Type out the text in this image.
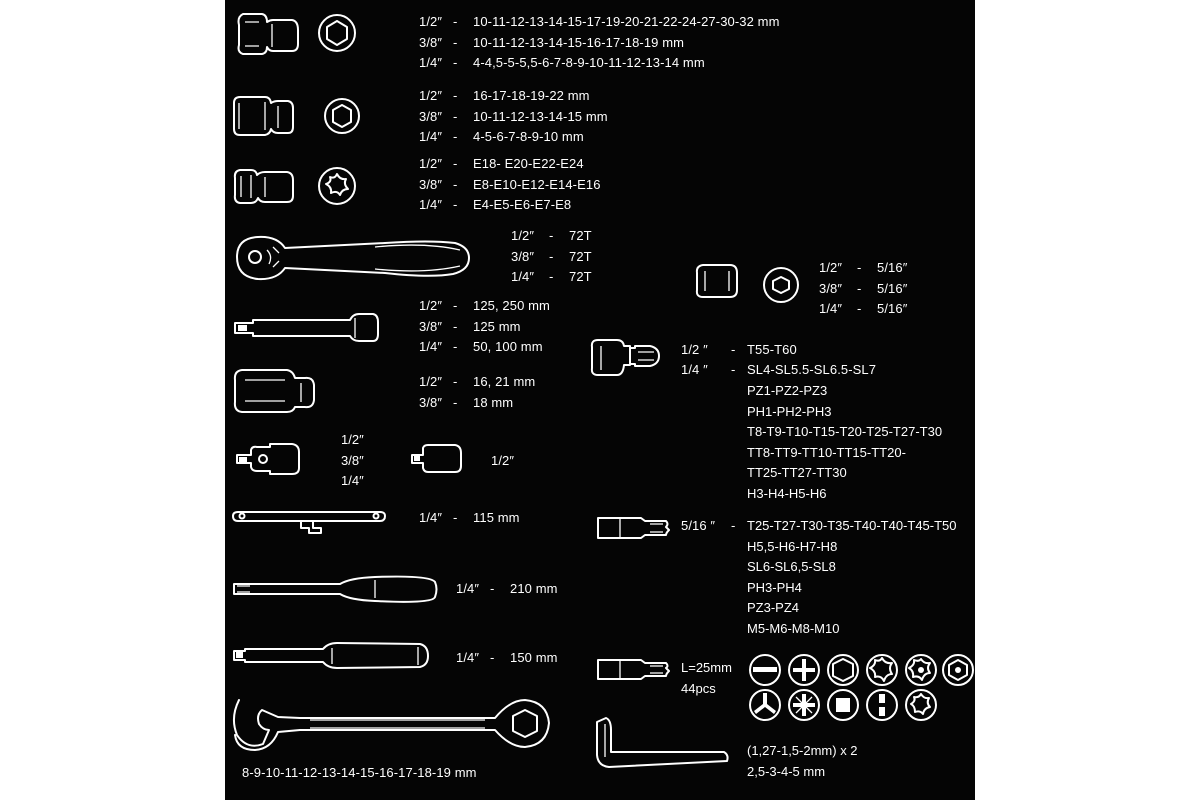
1/2″ - 10-11-12-13-14-15-17-19-20-21-22-24-27-30-32 mm
3/8″ - 10-11-12-13-14-15-16-17-18-19 mm
1/4″ - 4-4,5-5-5,5-6-7-8-9-10-11-12-13-14 mm
1/2″ - 16-17-18-19-22 mm
3/8″ - 10-11-12-13-14-15 mm
1/4″ - 4-5-6-7-8-9-10 mm
1/2″ - E18- E20-E22-E24
3/8″ - E8-E10-E12-E14-E16
1/4″ - E4-E5-E6-E7-E8
1/2″ - 72T
3/8″ - 72T
1/4″ - 72T
1/2″ - 125, 250 mm
3/8″ - 125 mm
1/4″ - 50, 100 mm
1/2″ - 16, 21 mm
3/8″ - 18 mm
1/2″
3/8″
1/4″
1/2″
1/4″ - 115 mm
1/4″ - 210 mm
1/4″ - 150 mm
8-9-10-11-12-13-14-15-16-17-18-19 mm
1/2″ - 5/16″
3/8″ - 5/16″
1/4″ - 5/16″
1/2 ″ - T55-T60
1/4 ″ - SL4-SL5.5-SL6.5-SL7
PZ1-PZ2-PZ3
PH1-PH2-PH3
T8-T9-T10-T15-T20-T25-T27-T30
TT8-TT9-TT10-TT15-TT20-
TT25-TT27-TT30
H3-H4-H5-H6
5/16 ″ - T25-T27-T30-T35-T40-T40-T45-T50
H5,5-H6-H7-H8
SL6-SL6,5-SL8
PH3-PH4
PZ3-PZ4
M5-M6-M8-M10
L=25mm
44pcs
(1,27-1,5-2mm) x 2
2,5-3-4-5 mm
